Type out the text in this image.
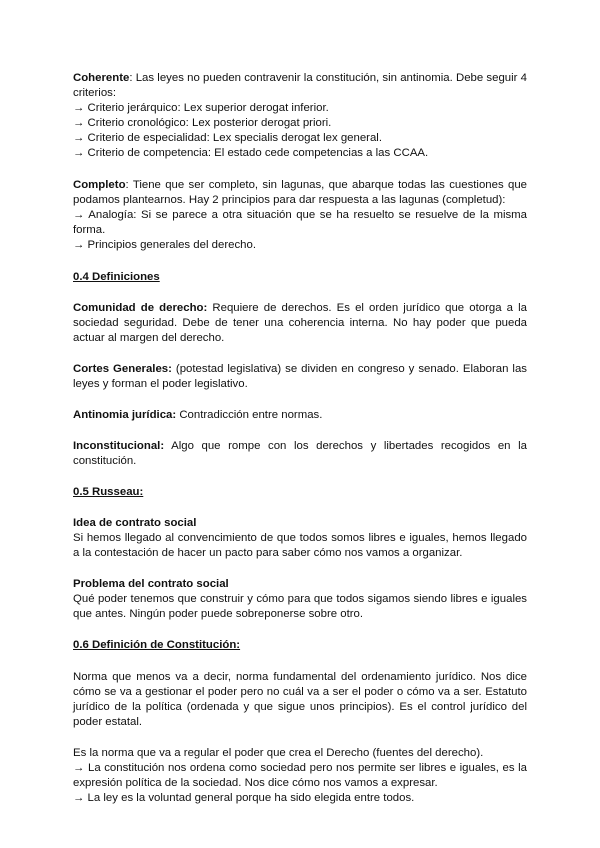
Coherente: Las leyes no pueden contravenir la constitución, sin antinomia. Debe seguir 4 criterios:

→ Criterio jerárquico: Lex superior derogat inferior.
→ Criterio cronológico: Lex posterior derogat priori.
→ Criterio de especialidad: Lex specialis derogat lex general.
→ Criterio de competencia: El estado cede competencias a las CCAA.

Completo: Tiene que ser completo, sin lagunas, que abarque todas las cuestiones que podamos plantearnos. Hay 2 principios para dar respuesta a las lagunas (completud):

→ Analogía: Si se parece a otra situación que se ha resuelto se resuelve de la misma forma.

→ Principios generales del derecho.

0.4 Definiciones

Comunidad de derecho: Requiere de derechos. Es el orden jurídico que otorga a la sociedad seguridad. Debe de tener una coherencia interna. No hay poder que pueda actuar al margen del derecho.

Cortes Generales: (potestad legislativa) se dividen en congreso y senado. Elaboran las leyes y forman el poder legislativo.

Antinomia jurídica: Contradicción entre normas.

Inconstitucional: Algo que rompe con los derechos y libertades recogidos en la constitución.

0.5 Russeau:

Idea de contrato social

Si hemos llegado al convencimiento de que todos somos libres e iguales, hemos llegado a la contestación de hacer un pacto para saber cómo nos vamos a organizar.

Problema del contrato social

Qué poder tenemos que construir y cómo para que todos sigamos siendo libres e iguales que antes. Ningún poder puede sobreponerse sobre otro.

0.6 Definición de Constitución:

Norma que menos va a decir, norma fundamental del ordenamiento jurídico. Nos dice cómo se va a gestionar el poder pero no cuál va a ser el poder o cómo va a ser. Estatuto jurídico de la política (ordenada y que sigue unos principios). Es el control jurídico del poder estatal.

Es la norma que va a regular el poder que crea el Derecho (fuentes del derecho).

→ La constitución nos ordena como sociedad pero nos permite ser libres e iguales, es la expresión política de la sociedad. Nos dice cómo nos vamos a expresar.

→ La ley es la voluntad general porque ha sido elegida entre todos.
